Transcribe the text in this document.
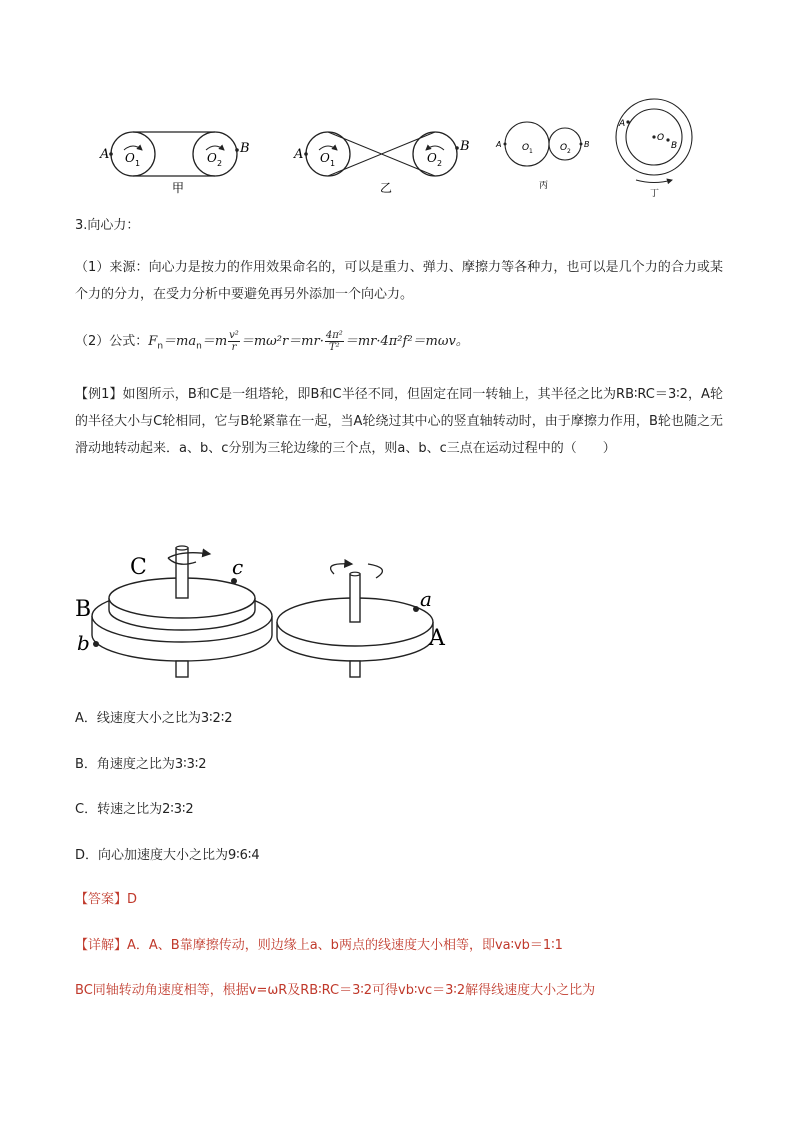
A	B
O 1	O 2
甲
A
B
O 1	O 2
乙
A	B
O 1	O 2
丙
A
B
O
丁
3.向心力：
（1）来源：向心力是按力的作用效果命名的，可以是重力、弹力、摩擦力等各种力，也可以是几个力的合力或某个力的分力，在受力分析中要避免再另外添加一个向心力。
（2）公式：$F_n=ma_n=m \frac{\text{v²}}{r} =m\omega^2r=mr\cdot \frac{\text{4π²}}{\text{T²}} =mr\cdot 4\pi^2f^2=m\omega v$。
【例1】如图所示，B和C是一组塔轮，即B和C半径不同，但固定在同一转轴上，其半径之比为RB∶RC＝3∶2，A轮的半径大小与C轮相同，它与B轮紧靠在一起，当A轮绕过其中心的竖直轴转动时，由于摩擦力作用，B轮也随之无滑动地转动起来．a、b、c分别为三轮边缘的三个点，则a、b、c三点在运动过程中的（　　）
C	c
B
b
a
A
A．线速度大小之比为3∶2∶2
B．角速度之比为3∶3∶2
C．转速之比为2∶3∶2
D．向心加速度大小之比为9∶6∶4
【答案】D
【详解】A．A、B靠摩擦传动，则边缘上a、b两点的线速度大小相等，即va∶vb＝1∶1
BC同轴转动角速度相等，根据v=ωR及RB∶RC＝3∶2可得vb∶vc＝3∶2解得线速度大小之比为
